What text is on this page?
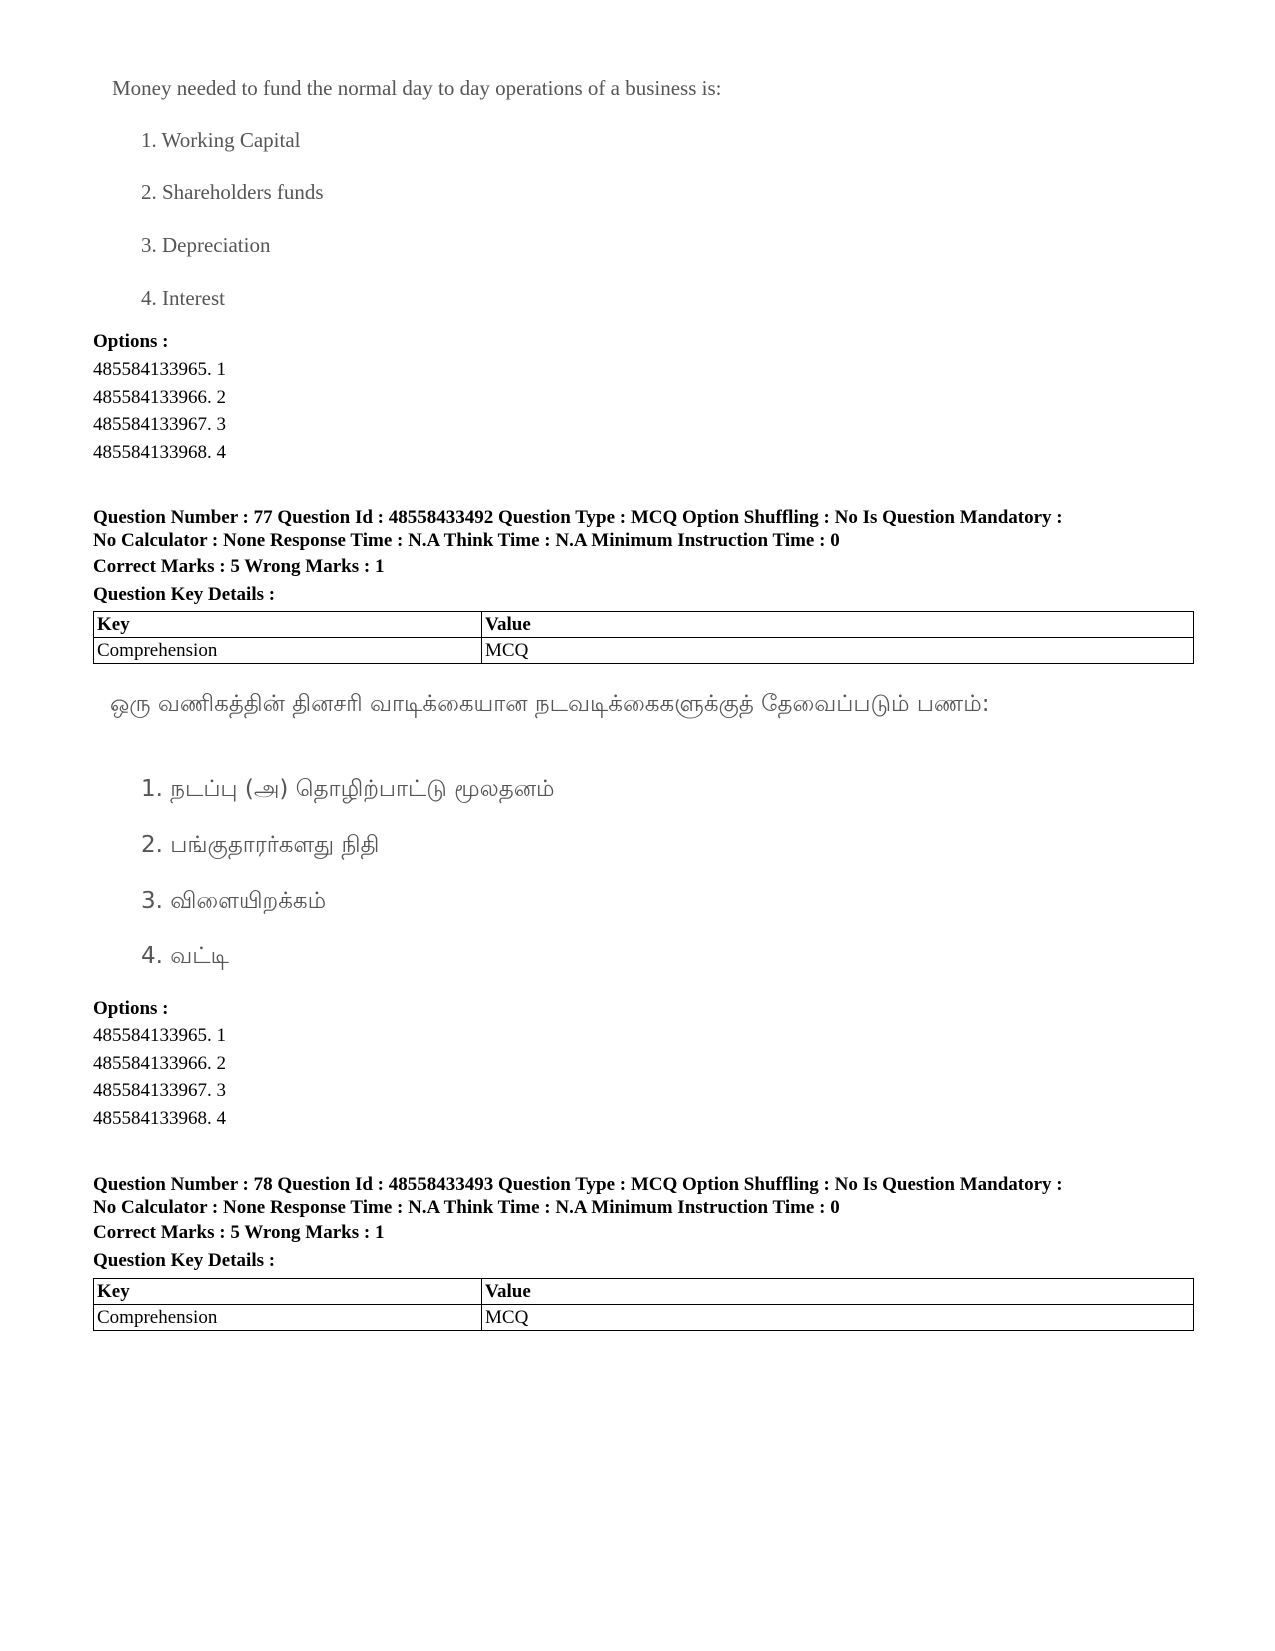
Money needed to fund the normal day to day operations of a business is:
1. Working Capital
2. Shareholders funds
3. Depreciation
4. Interest
Options :
485584133965. 1
485584133966. 2
485584133967. 3
485584133968. 4
Question Number : 77 Question Id : 48558433492 Question Type : MCQ Option Shuffling : No Is Question Mandatory :
No Calculator : None Response Time : N.A Think Time : N.A Minimum Instruction Time : 0
Correct Marks : 5 Wrong Marks : 1
Question Key Details :
Key	Value
Comprehension	MCQ
ஒரு வணிகத்தின் தினசரி வாடிக்கையான நடவடிக்கைகளுக்குத் தேவைப்படும் பணம்:
1. நடப்பு (அ) தொழிற்பாட்டு மூலதனம்
2. பங்குதாரர்களது நிதி
3. விளையிறக்கம்
4. வட்டி
Options :
485584133965. 1
485584133966. 2
485584133967. 3
485584133968. 4
Question Number : 78 Question Id : 48558433493 Question Type : MCQ Option Shuffling : No Is Question Mandatory :
No Calculator : None Response Time : N.A Think Time : N.A Minimum Instruction Time : 0
Correct Marks : 5 Wrong Marks : 1
Question Key Details :
Key	Value
Comprehension	MCQ
